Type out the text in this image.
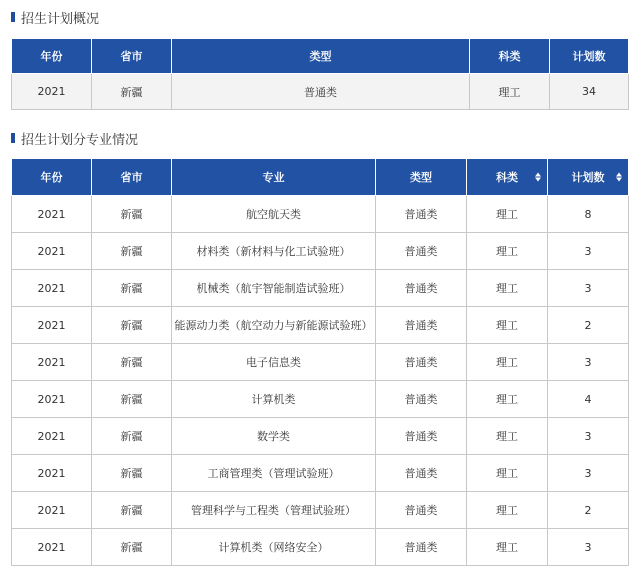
招生计划概况
年份	省市	类型	科类	计划数
2021	新疆	普通类	理工	34
招生计划分专业情况
年份	省市	专业	类型	科类	计划数

2021	新疆	航空航天类	普通类	理工	8
2021	新疆	材料类（新材料与化工试验班）	普通类	理工	3
2021	新疆	机械类（航宇智能制造试验班）	普通类	理工	3
2021	新疆	能源动力类（航空动力与新能源试验班）	普通类	理工	2
2021	新疆	电子信息类	普通类	理工	3
2021	新疆	计算机类	普通类	理工	4
2021	新疆	数学类	普通类	理工	3
2021	新疆	工商管理类（管理试验班）	普通类	理工	3
2021	新疆	管理科学与工程类（管理试验班）	普通类	理工	2
2021	新疆	计算机类（网络安全）	普通类	理工	3
